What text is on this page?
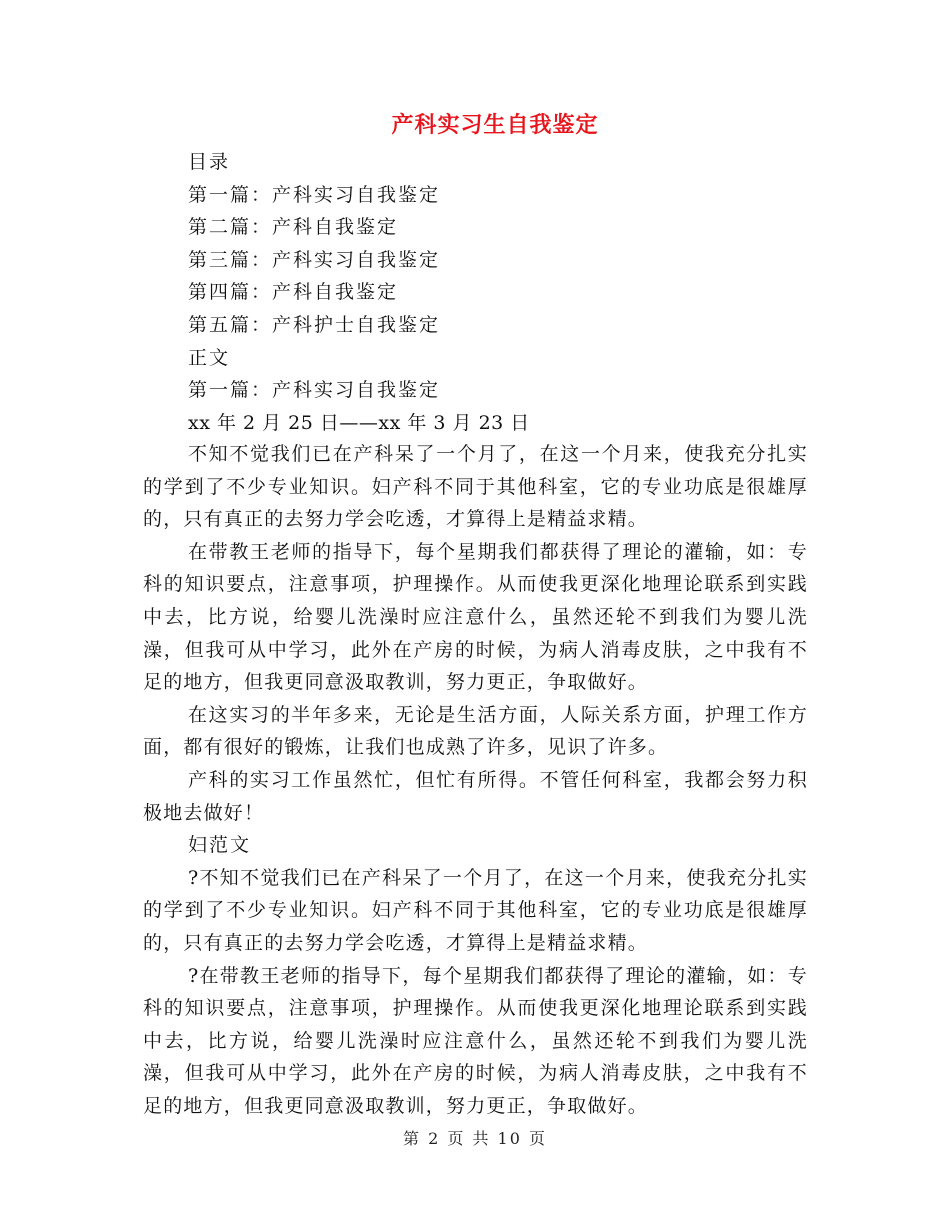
产科实习生自我鉴定
目录
第一篇：产科实习自我鉴定
第二篇：产科自我鉴定
第三篇：产科实习自我鉴定
第四篇：产科自我鉴定
第五篇：产科护士自我鉴定
正文
第一篇：产科实习自我鉴定
xx 年 2 月 25 日——xx 年 3 月 23 日

不知不觉我们已在产科呆了一个月了，在这一个月来，使我充分扎实的学到了不少专业知识。妇产科不同于其他科室，它的专业功底是很雄厚的，只有真正的去努力学会吃透，才算得上是精益求精。

在带教王老师的指导下，每个星期我们都获得了理论的灌输，如：专科的知识要点，注意事项，护理操作。从而使我更深化地理论联系到实践中去，比方说，给婴儿洗澡时应注意什么，虽然还轮不到我们为婴儿洗澡，但我可从中学习，此外在产房的时候，为病人消毒皮肤，之中我有不足的地方，但我更同意汲取教训，努力更正，争取做好。

在这实习的半年多来，无论是生活方面，人际关系方面，护理工作方面，都有很好的锻炼，让我们也成熟了许多，见识了许多。

产科的实习工作虽然忙，但忙有所得。不管任何科室，我都会努力积极地去做好！

妇范文

?不知不觉我们已在产科呆了一个月了，在这一个月来，使我充分扎实的学到了不少专业知识。妇产科不同于其他科室，它的专业功底是很雄厚的，只有真正的去努力学会吃透，才算得上是精益求精。

?在带教王老师的指导下，每个星期我们都获得了理论的灌输，如：专科的知识要点，注意事项，护理操作。从而使我更深化地理论联系到实践中去，比方说，给婴儿洗澡时应注意什么，虽然还轮不到我们为婴儿洗澡，但我可从中学习，此外在产房的时候，为病人消毒皮肤，之中我有不足的地方，但我更同意汲取教训，努力更正，争取做好。

第 2 页 共 10 页
